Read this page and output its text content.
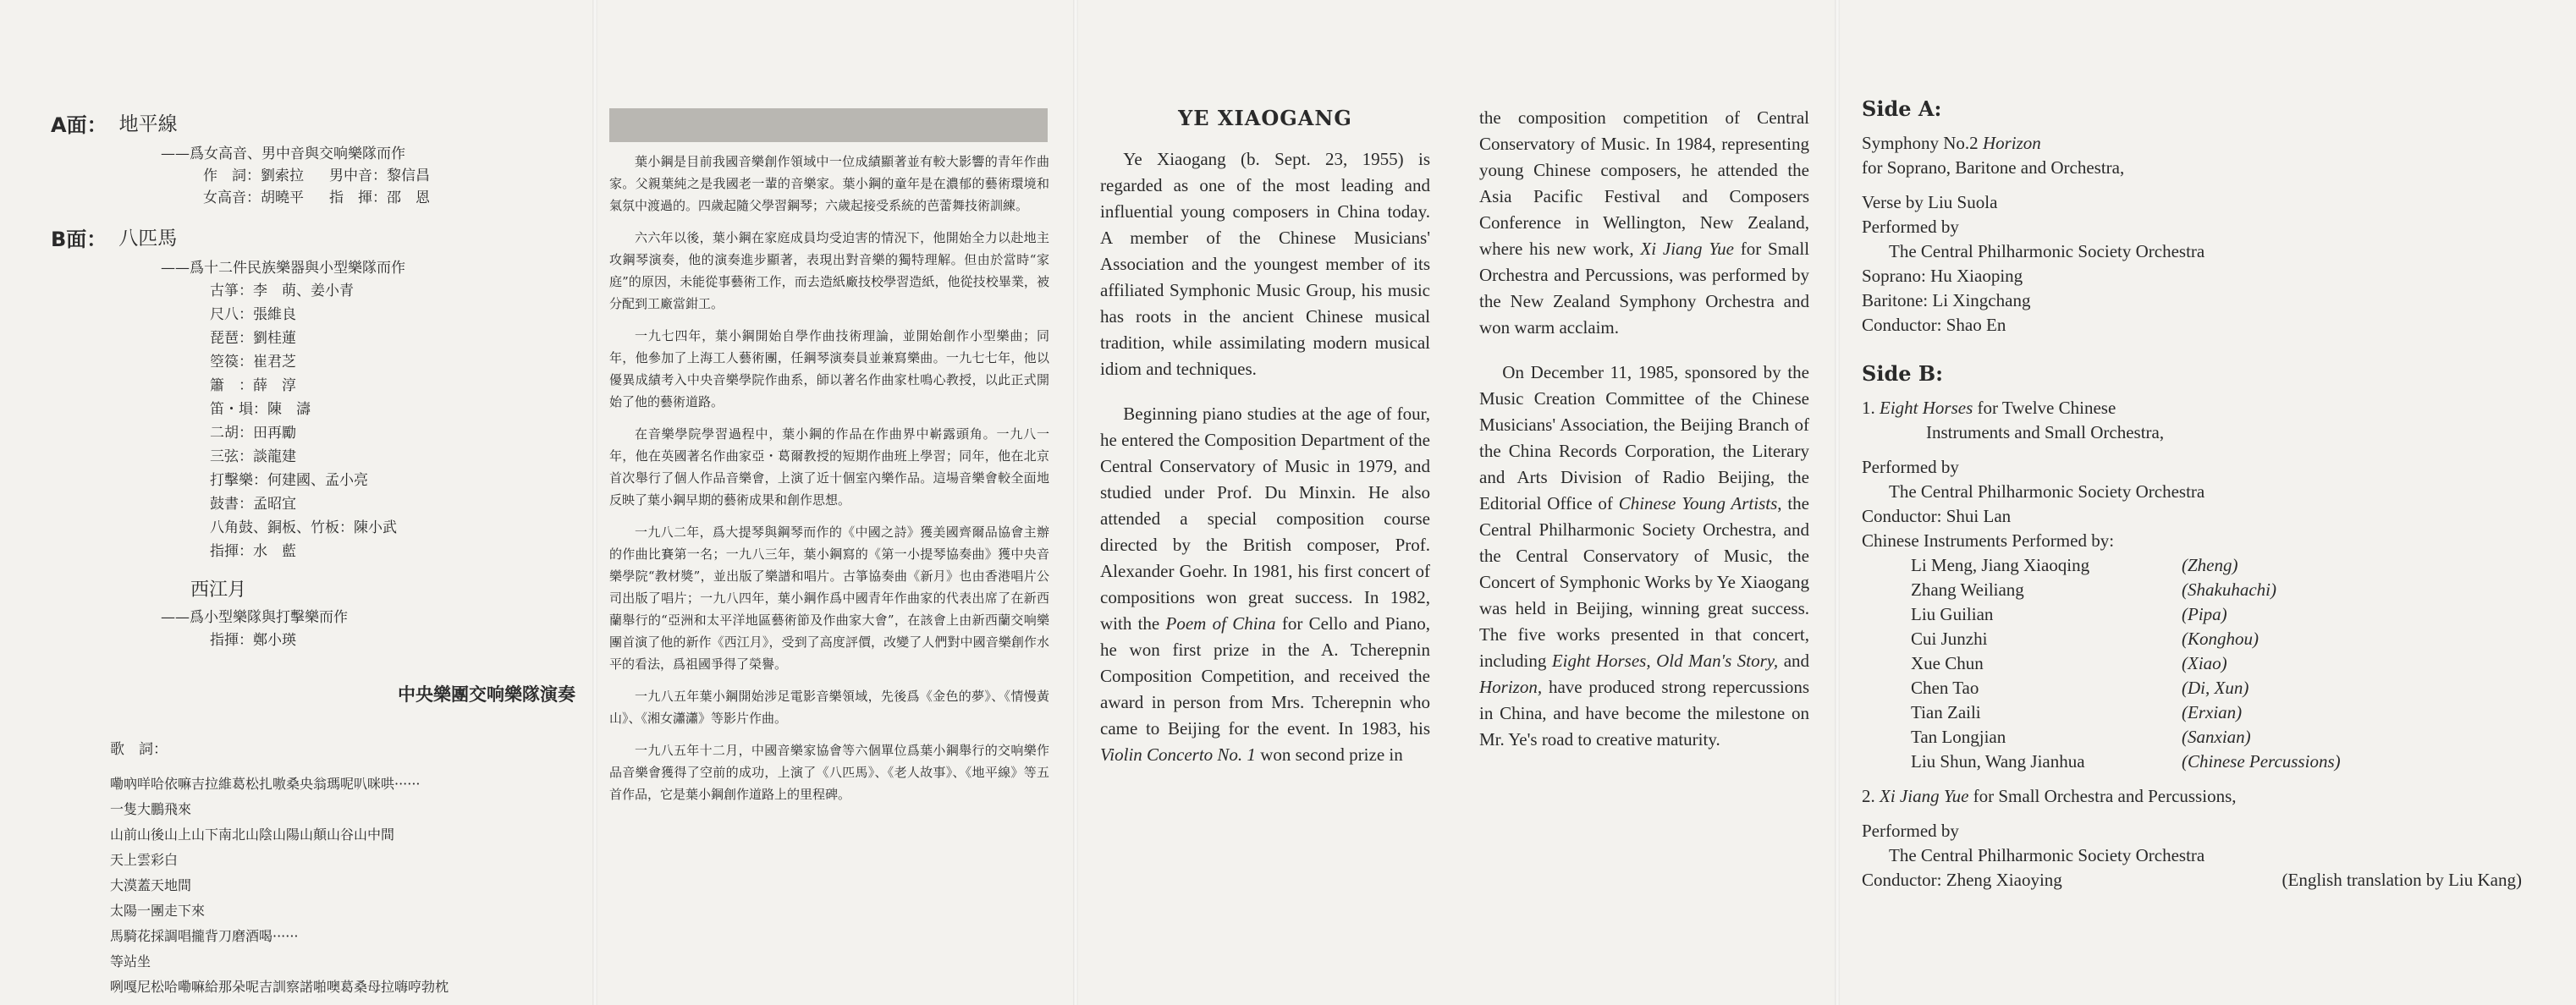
A面： 地平線
——爲女高音、男中音與交响樂隊而作
作　詞：劉索拉 男中音：黎信昌
女高音：胡曉平 指　揮：邵　恩
B面： 八匹馬
——爲十二件民族樂器與小型樂隊而作
古箏：李　萌、姜小青
尺八：張維良
琵琶：劉桂蓮
箜篌：崔君芝
簫　：薛　淳
笛・塤：陳　濤
二胡：田再勵
三弦：談龍建
打擊樂：何建國、孟小亮
鼓書：孟昭宜
八角鼓、銅板、竹板：陳小武
指揮：水　藍
西江月
——爲小型樂隊與打擊樂而作
指揮：鄭小瑛
中央樂團交响樂隊演奏
歌　詞：
嘞吶咩哈依嘛吉拉維葛松扎嗷桑央翁瑪呢叭咪哄······
一隻大鵬飛來
山前山後山上山下南北山陰山陽山顛山谷山中間
天上雲彩白
大漠蓋天地間
太陽一團走下來
馬騎花採調唱攏背刀磨酒喝······
等站坐
咧嘎尼松哈嘞嘛給那朵呢吉訓察諾啪噢葛桑母拉嗨哼勃枕

葉小鋼是目前我國音樂創作領域中一位成績顯著並有較大影響的青年作曲家。父親葉純之是我國老一輩的音樂家。葉小鋼的童年是在濃郁的藝術環境和氣氛中渡過的。四歲起隨父學習鋼琴；六歲起接受系統的芭蕾舞技術訓練。

六六年以後，葉小鋼在家庭成員均受迫害的情況下，他開始全力以赴地主攻鋼琴演奏，他的演奏進步顯著，表現出對音樂的獨特理解。但由於當時“家庭”的原因，未能從事藝術工作，而去造紙廠技校學習造紙，他從技校畢業，被分配到工廠當鉗工。

一九七四年，葉小鋼開始自學作曲技術理論，並開始創作小型樂曲；同年，他參加了上海工人藝術團，任鋼琴演奏員並兼寫樂曲。一九七七年，他以優異成績考入中央音樂學院作曲系，師以著名作曲家杜鳴心教授，以此正式開始了他的藝術道路。

在音樂學院學習過程中，葉小鋼的作品在作曲界中嶄露頭角。一九八一年，他在英國著名作曲家亞・葛爾教授的短期作曲班上學習；同年，他在北京首次舉行了個人作品音樂會，上演了近十個室內樂作品。這場音樂會較全面地反映了葉小鋼早期的藝術成果和創作思想。

一九八二年，爲大提琴與鋼琴而作的《中國之詩》獲美國齊爾品協會主辦的作曲比賽第一名；一九八三年，葉小鋼寫的《第一小提琴協奏曲》獲中央音樂學院“教材獎”，並出版了樂譜和唱片。古箏協奏曲《新月》也由香港唱片公司出版了唱片；一九八四年，葉小鋼作爲中國青年作曲家的代表出席了在新西蘭舉行的“亞洲和太平洋地區藝術節及作曲家大會”，在該會上由新西蘭交响樂團首演了他的新作《西江月》，受到了高度評價，改變了人們對中國音樂創作水平的看法，爲祖國爭得了榮譽。

一九八五年葉小鋼開始涉足電影音樂領域，先後爲《金色的夢》、《情慢黃山》、《湘女瀟瀟》等影片作曲。

一九八五年十二月，中國音樂家協會等六個單位爲葉小鋼舉行的交响樂作品音樂會獲得了空前的成功，上演了《八匹馬》、《老人故事》、《地平線》等五首作品，它是葉小鋼創作道路上的里程碑。

YE XIAOGANG

Ye Xiaogang (b. Sept. 23, 1955) is regarded as one of the most leading and influential young composers in China today. A member of the Chinese Musicians' Association and the youngest member of its affiliated Symphonic Music Group, his music has roots in the ancient Chinese musical tradition, while assimilating modern musical idiom and techniques.

Beginning piano studies at the age of four, he entered the Composition Department of the Central Conservatory of Music in 1979, and studied under Prof. Du Minxin. He also attended a special composition course directed by the British composer, Prof. Alexander Goehr. In 1981, his first concert of compositions won great success. In 1982, with the Poem of China for Cello and Piano, he won first prize in the A. Tcherepnin Composition Competition, and received the award in person from Mrs. Tcherepnin who came to Beijing for the event. In 1983, his Violin Concerto No. 1 won second prize in

the composition competition of Central Conservatory of Music. In 1984, representing young Chinese composers, he attended the Asia Pacific Festival and Composers Conference in Wellington, New Zealand, where his new work, Xi Jiang Yue for Small Orchestra and Percussions, was performed by the New Zealand Symphony Orchestra and won warm acclaim.

On December 11, 1985, sponsored by the Music Creation Committee of the Chinese Musicians' Association, the Beijing Branch of the China Records Corporation, the Literary and Arts Division of Radio Beijing, the Editorial Office of Chinese Young Artists, the Central Philharmonic Society Orchestra, and the Central Conservatory of Music, the Concert of Symphonic Works by Ye Xiaogang was held in Beijing, winning great success. The five works presented in that concert, including Eight Horses, Old Man's Story, and Horizon, have produced strong repercussions in China, and have become the milestone on Mr. Ye's road to creative maturity.

Side A:
Symphony No.2 Horizon
for Soprano, Baritone and Orchestra,
Verse by Liu Suola
Performed by
The Central Philharmonic Society Orchestra
Soprano: Hu Xiaoping
Baritone: Li Xingchang
Conductor: Shao En
Side B:
1. Eight Horses for Twelve Chinese
Instruments and Small Orchestra,
Performed by
The Central Philharmonic Society Orchestra
Conductor: Shui Lan
Chinese Instruments Performed by:
Li Meng, Jiang Xiaoqing	(Zheng)
Zhang Weiliang	(Shakuhachi)
Liu Guilian	(Pipa)
Cui Junzhi	(Konghou)
Xue Chun	(Xiao)
Chen Tao	(Di, Xun)
Tian Zaili	(Erxian)
Tan Longjian	(Sanxian)
Liu Shun, Wang Jianhua	(Chinese Percussions)
2. Xi Jiang Yue for Small Orchestra and Percussions,
Performed by
The Central Philharmonic Society Orchestra
Conductor: Zheng Xiaoying	(English translation by Liu Kang)
